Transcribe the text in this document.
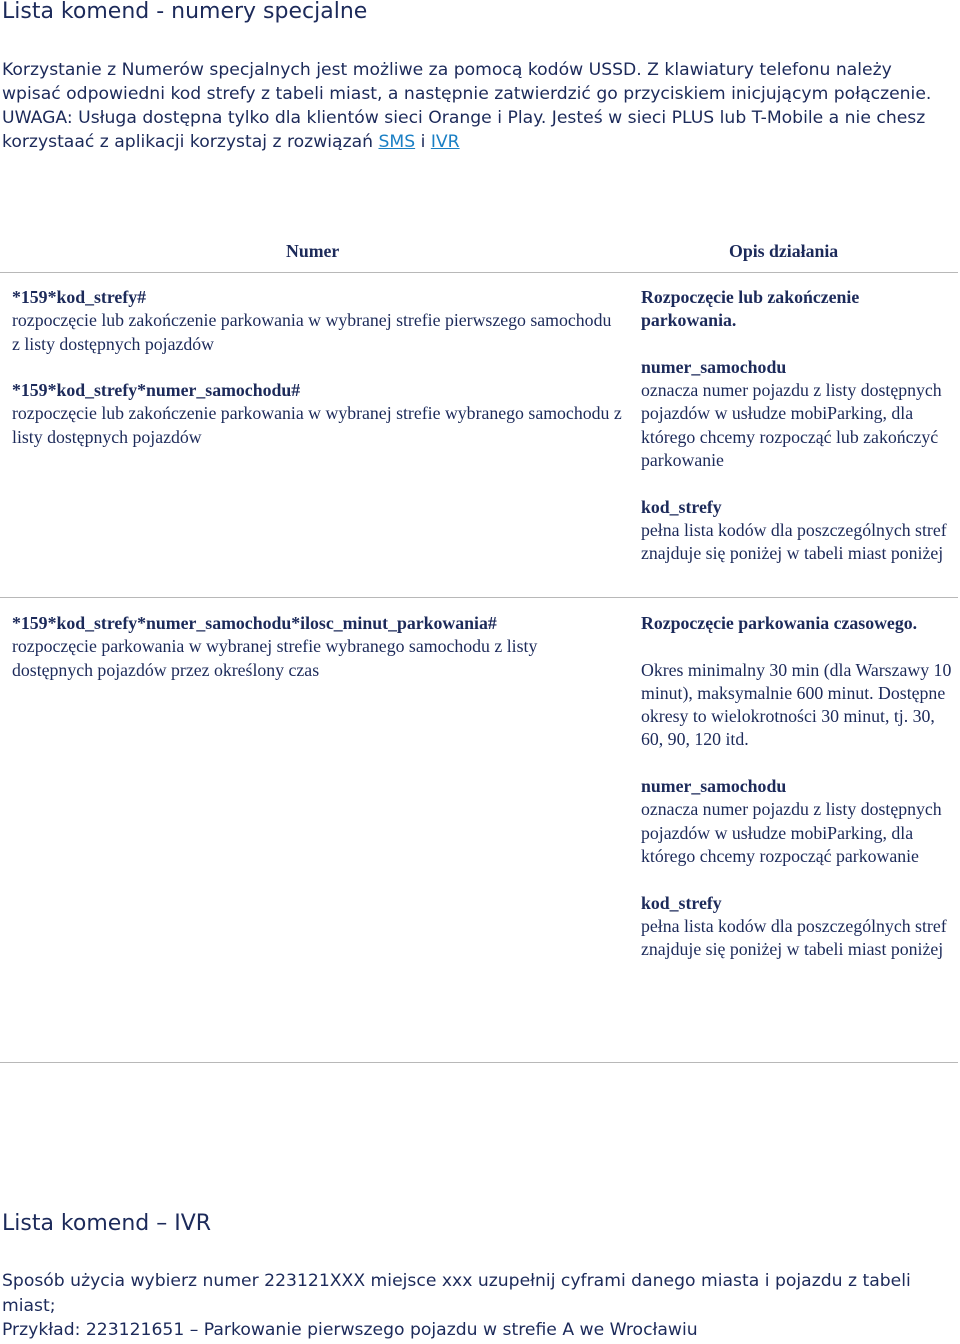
Lista komend - numery specjalne

Korzystanie z Numerów specjalnych jest możliwe za pomocą kodów USSD. Z klawiatury telefonu należy wpisać odpowiedni kod strefy z tabeli miast, a następnie zatwierdzić go przyciskiem inicjującym połączenie.

UWAGA: Usługa dostępna tylko dla klientów sieci Orange i Play. Jesteś w sieci PLUS lub T-Mobile a nie chesz korzystaać z aplikacji korzystaj z rozwiązań SMS i IVR

Numer	Opis działania
*159*kod_strefy#
rozpoczęcie lub zakończenie parkowania w wybranej strefie pierwszego samochodu z listy dostępnych pojazdów
*159*kod_strefy*numer_samochodu#
rozpoczęcie lub zakończenie parkowania w wybranej strefie wybranego samochodu z listy dostępnych pojazdów
Rozpoczęcie lub zakończenie parkowania.
numer_samochodu
oznacza numer pojazdu z listy dostępnych pojazdów w usłudze mobiParking, dla którego chcemy rozpocząć lub zakończyć parkowanie
kod_strefy
pełna lista kodów dla poszczególnych stref znajduje się poniżej w tabeli miast poniżej
*159*kod_strefy*numer_samochodu*ilosc_minut_parkowania#
rozpoczęcie parkowania w wybranej strefie wybranego samochodu z listy dostępnych pojazdów przez określony czas
Rozpoczęcie parkowania czasowego.
Okres minimalny 30 min (dla Warszawy 10 minut), maksymalnie 600 minut. Dostępne okresy to wielokrotności 30 minut, tj. 30, 60, 90, 120 itd.
numer_samochodu
oznacza numer pojazdu z listy dostępnych pojazdów w usłudze mobiParking, dla którego chcemy rozpocząć parkowanie
kod_strefy
pełna lista kodów dla poszczególnych stref znajduje się poniżej w tabeli miast poniżej
Lista komend – IVR

Sposób użycia wybierz numer 223121XXX miejsce xxx uzupełnij cyframi danego miasta i pojazdu z tabeli miast;

Przykład: 223121651 – Parkowanie pierwszego pojazdu w strefie A we Wrocławiu
